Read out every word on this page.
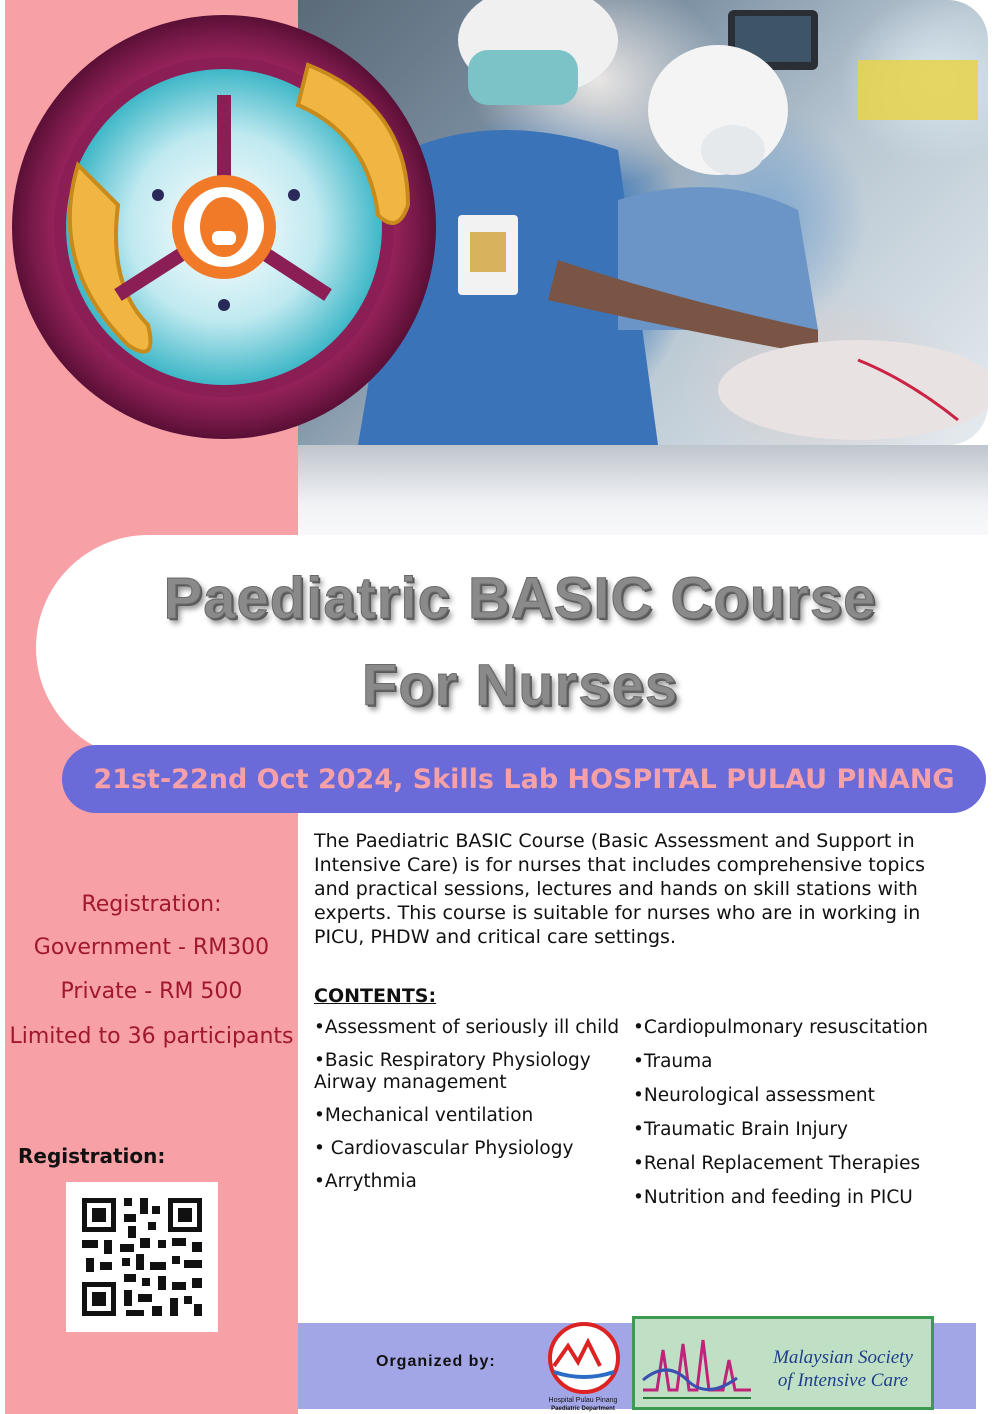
Paediatric BASIC Course
For Nurses
21st-22nd Oct 2024, Skills Lab HOSPITAL PULAU PINANG
Registration:
Government - RM300
Private - RM 500
Limited to 36 participants
The Paediatric BASIC Course (Basic Assessment and Support in Intensive Care) is for nurses that includes comprehensive topics and practical sessions, lectures and hands on skill stations with experts. This course is suitable for nurses who are in working in PICU, PHDW and critical care settings.
CONTENTS:
•Assessment of seriously ill child
•Basic Respiratory Physiology Airway management
•Mechanical ventilation
• Cardiovascular Physiology
•Arrythmia
•Cardiopulmonary resuscitation
•Trauma
•Neurological assessment
•Traumatic Brain Injury
•Renal Replacement Therapies
•Nutrition and feeding in PICU
Registration:
Organized by:
Hospital Pulau Pinang
Paediatric Department
Malaysian Society
of Intensive Care
